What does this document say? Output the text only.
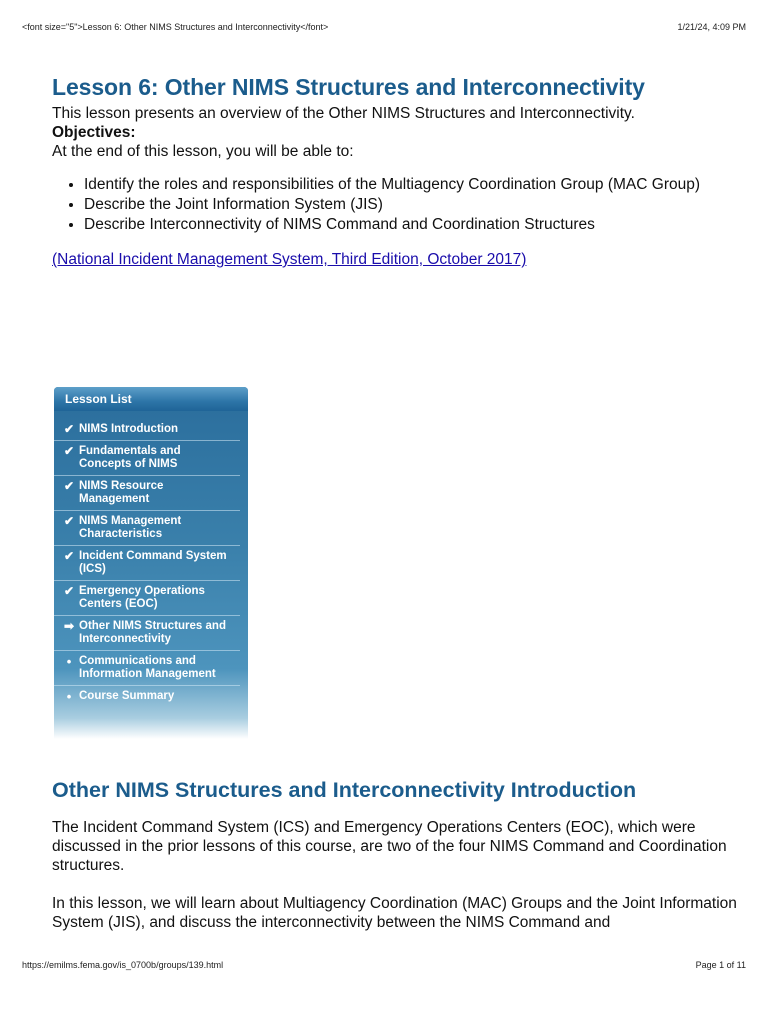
<font size="5">Lesson 6: Other NIMS Structures and Interconnectivity</font>	1/21/24, 4:09 PM
Lesson 6: Other NIMS Structures and Interconnectivity

This lesson presents an overview of the Other NIMS Structures and Interconnectivity.

Objectives:

At the end of this lesson, you will be able to:

• Identify the roles and responsibilities of the Multiagency Coordination Group (MAC Group)
• Describe the Joint Information System (JIS)
• Describe Interconnectivity of NIMS Command and Coordination Structures
(National Incident Management System, Third Edition, October 2017)
Lesson List
✔ NIMS Introduction
✔ Fundamentals and Concepts of NIMS
✔ NIMS Resource Management
✔ NIMS Management Characteristics
✔ Incident Command System (ICS)
✔ Emergency Operations Centers (EOC)
➡ Other NIMS Structures and Interconnectivity
• Communications and Information Management
• Course Summary
Other NIMS Structures and Interconnectivity Introduction

The Incident Command System (ICS) and Emergency Operations Centers (EOC), which were discussed in the prior lessons of this course, are two of the four NIMS Command and Coordination structures.

In this lesson, we will learn about Multiagency Coordination (MAC) Groups and the Joint Information System (JIS), and discuss the interconnectivity between the NIMS Command and

https://emilms.fema.gov/is_0700b/groups/139.html	Page 1 of 11
